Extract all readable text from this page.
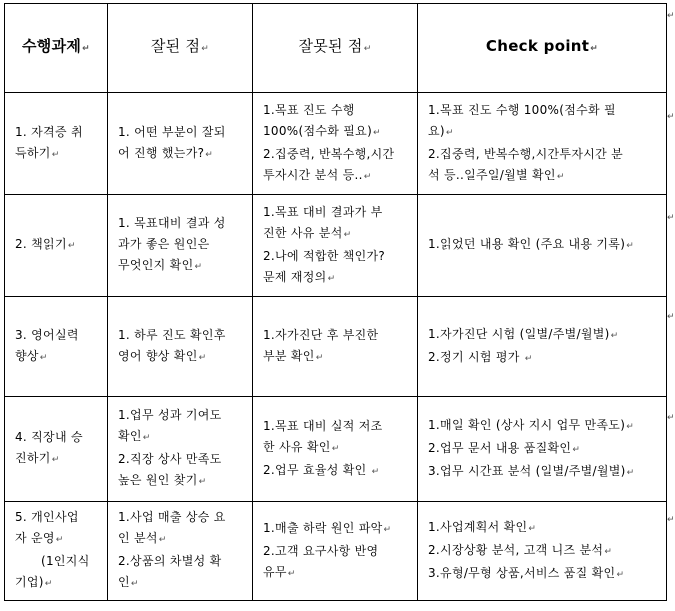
수행과제↵	잘된 점↵	잘못된 점↵	Check point↵

1. 자격증 취
득하기↵	1. 어떤 부분이 잘되
어 진행 했는가?↵	1.목표 진도 수행
100%(점수화 필요)↵
2.집중력, 반복수행,시간
투자시간 분석 등..↵	1.목표 진도 수행 100%(점수화 필
요)↵
2.집중력, 반복수행,시간투자시간 분
석 등..일주일/월별 확인↵

2. 책읽기↵	1. 목표대비 결과 성
과가 좋은 원인은
무엇인지 확인↵	1.목표 대비 결과가 부
진한 사유 분석↵
2.나에 적합한 책인가?
문제 재정의↵	1.읽었던 내용 확인 (주요 내용 기록)↵

3. 영어실력
향상↵	1. 하루 진도 확인후
영어 향상 확인↵	1.자가진단 후 부진한
부분 확인↵	1.자가진단 시험 (일별/주별/월별)↵
2.정기 시험 평가 ↵

4. 직장내 승
진하기↵	1.업무 성과 기여도
확인↵
2.직장 상사 만족도
높은 원인 찾기↵	1.목표 대비 실적 저조
한 사유 확인↵
2.업무 효율성 확인 ↵	1.매일 확인 (상사 지시 업무 만족도)↵
2.업무 문서 내용 품질확인↵
3.업무 시간표 분석 (일별/주별/월별)↵

5. 개인사업
자 운영↵
(1인지식
기업)↵	1.사업 매출 상승 요
인 분석↵
2.상품의 차별성 확
인↵	1.매출 하락 원인 파악↵
2.고객 요구사항 반영
유무↵	1.사업계획서 확인↵
2.시장상황 분석, 고객 니즈 분석↵
3.유형/무형 상품,서비스 품질 확인↵
↵
↵
↵
↵
↵
↵
